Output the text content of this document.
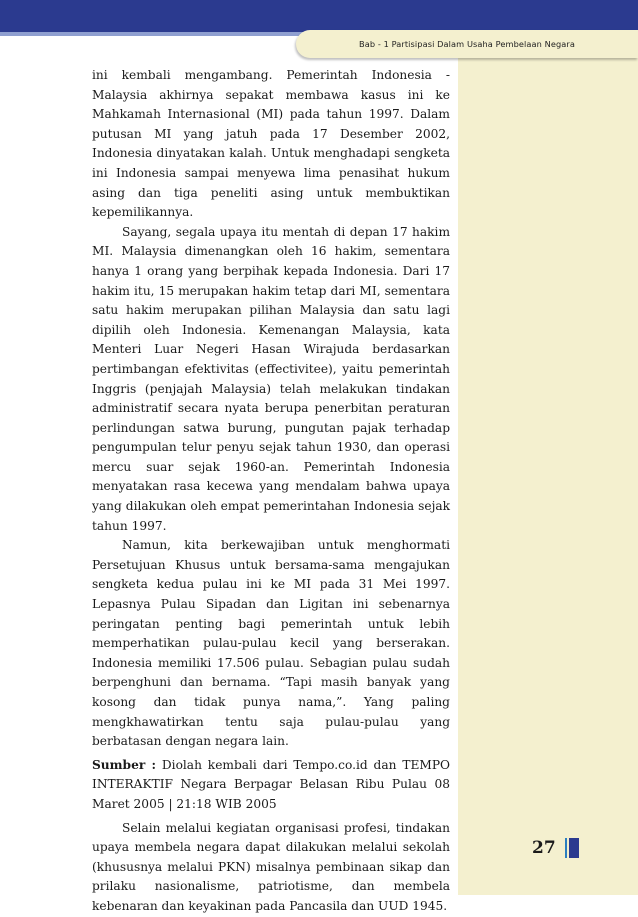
Bab - 1 Partisipasi Dalam Usaha Pembelaan Negara

ini kembali mengambang. Pemerintah Indonesia - Malaysia akhirnya sepakat membawa kasus ini ke Mahkamah Internasional (MI) pada tahun 1997. Dalam putusan MI yang jatuh pada 17 Desember 2002, Indonesia dinyatakan kalah. Untuk menghadapi sengketa ini Indonesia sampai menyewa lima penasihat hukum asing dan tiga peneliti asing untuk membuktikan kepemilikannya.

Sayang, segala upaya itu mentah di depan 17 hakim MI. Malaysia dimenangkan oleh 16 hakim, sementara hanya 1 orang yang berpihak kepada Indonesia. Dari 17 hakim itu, 15 merupakan hakim tetap dari MI, sementara satu hakim merupakan pilihan Malaysia dan satu lagi dipilih oleh Indonesia. Kemenangan Malaysia, kata Menteri Luar Negeri Hasan Wirajuda berdasarkan pertimbangan efektivitas (effectivitee), yaitu pemerintah Inggris (penjajah Malaysia) telah melakukan tindakan administratif secara nyata berupa penerbitan peraturan perlindungan satwa burung, pungutan pajak terhadap pengumpulan telur penyu sejak tahun 1930, dan operasi mercu suar sejak 1960-an. Pemerintah Indonesia menyatakan rasa kecewa yang mendalam bahwa upaya yang dilakukan oleh empat pemerintahan Indonesia sejak tahun 1997.

Namun, kita berkewajiban untuk menghormati Persetujuan Khusus untuk bersama-sama mengajukan sengketa kedua pulau ini ke MI pada 31 Mei 1997. Lepasnya Pulau Sipadan dan Ligitan ini sebenarnya peringatan penting bagi pemerintah untuk lebih memperhatikan pulau-pulau kecil yang berserakan. Indonesia memiliki 17.506 pulau. Sebagian pulau sudah berpenghuni dan bernama. “Tapi masih banyak yang kosong dan tidak punya nama,”. Yang paling mengkhawatirkan tentu saja pulau-pulau yang berbatasan dengan negara lain.

Sumber : Diolah kembali dari Tempo.co.id dan TEMPO INTERAKTIF Negara Berpagar Belasan Ribu Pulau 08 Maret 2005 | 21:18 WIB 2005

Selain melalui kegiatan organisasi profesi, tindakan upaya membela negara dapat dilakukan melalui sekolah (khususnya melalui PKN) misalnya pembinaan sikap dan prilaku nasionalisme, patriotisme, dan membela kebenaran dan keyakinan pada Pancasila dan UUD 1945.

27
